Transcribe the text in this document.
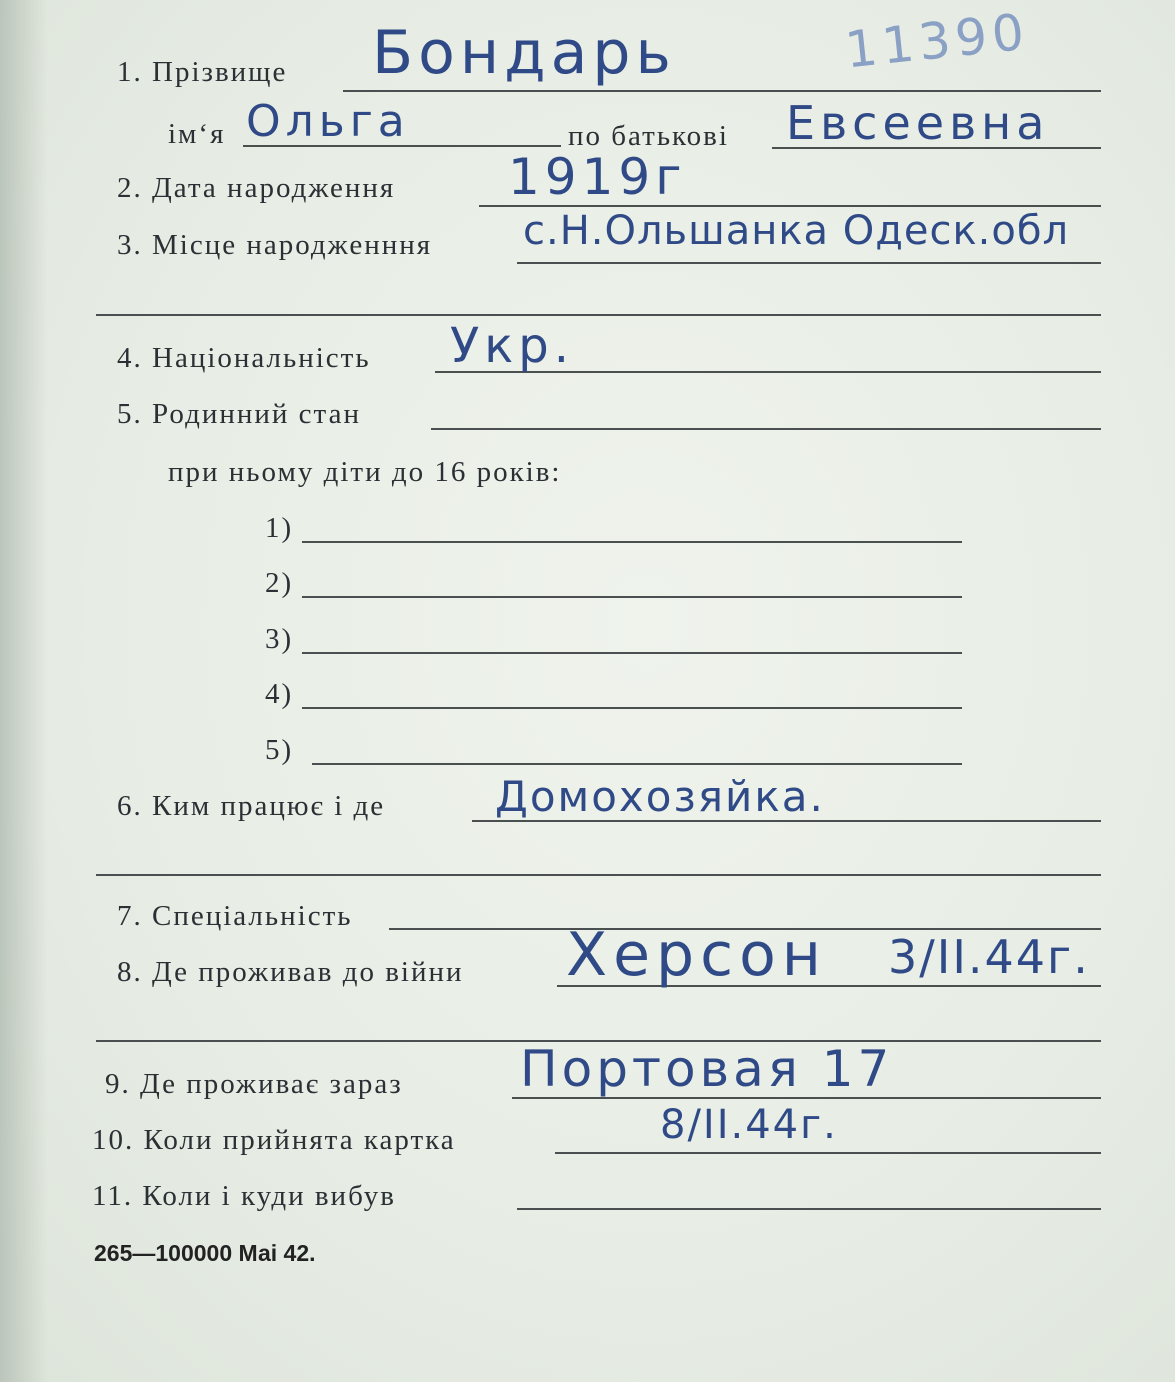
11390
1. Прізвище Бондарь
ім‘я Ольга	по батькові Евсеевна
2. Дата народження 1919г
3. Місце народженння с.Н.Ольшанка Одеск.обл
4. Національність Укр.
5. Родинний стан
при ньому діти до 16 років:
1)
2)
3)
4)
5)
6. Ким працює і де	Домохозяйка.
7. Спеціальність
8. Де проживав до війни Херсон 3/II.44г.
9. Де проживає зараз Портовая 17
10. Коли прийнята картка	8/II.44г.
11. Коли і куди вибув
265—100000 Маі 42.
